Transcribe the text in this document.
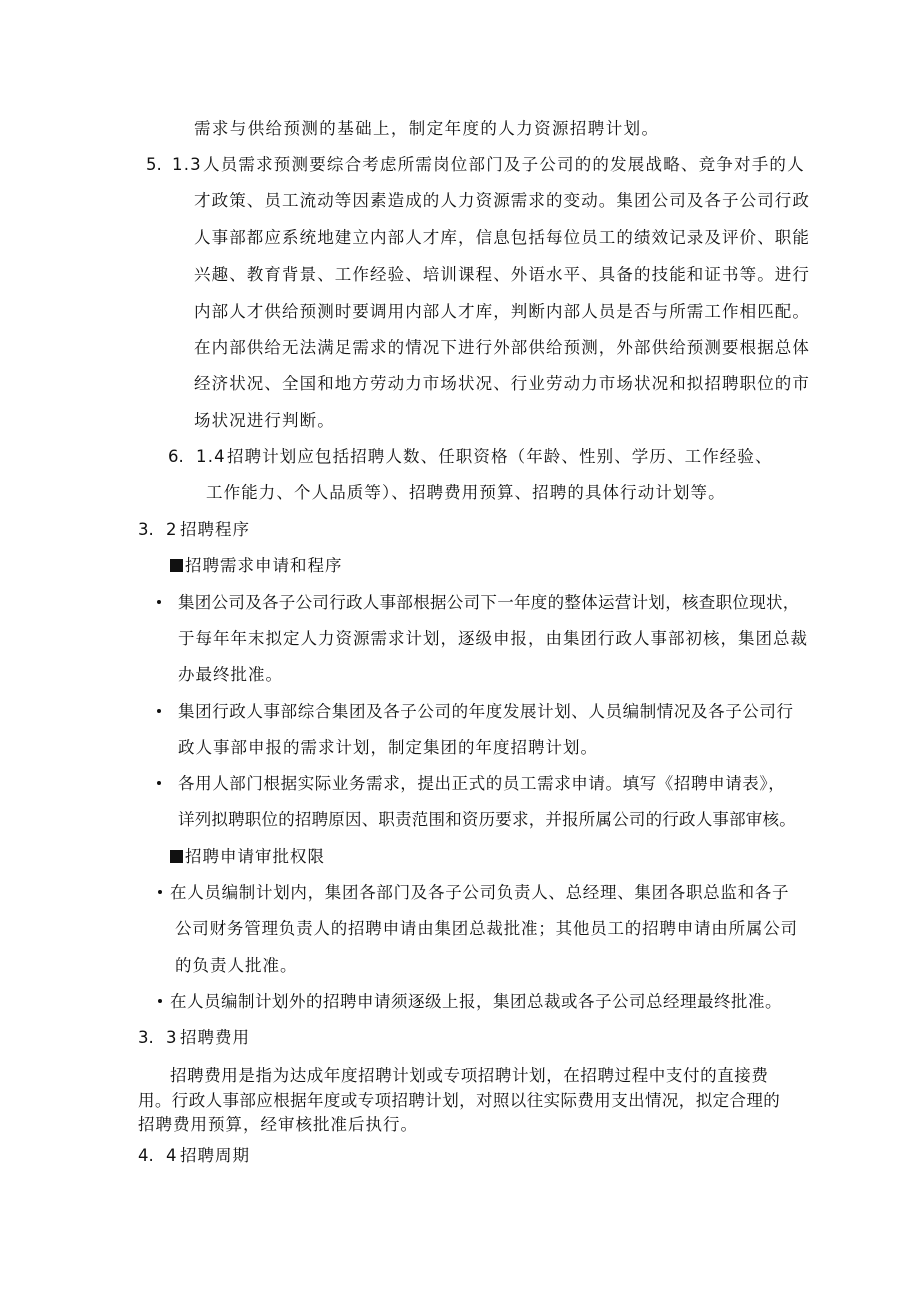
需求与供给预测的基础上，制定年度的人力资源招聘计划。
5. 1.3 人员需求预测要综合考虑所需岗位部门及子公司的的发展战略、竞争对手的人
才政策、员工流动等因素造成的人力资源需求的变动。集团公司及各子公司行政
人事部都应系统地建立内部人才库，信息包括每位员工的绩效记录及评价、职能
兴趣、教育背景、工作经验、培训课程、外语水平、具备的技能和证书等。进行
内部人才供给预测时要调用内部人才库，判断内部人员是否与所需工作相匹配。
在内部供给无法满足需求的情况下进行外部供给预测，外部供给预测要根据总体
经济状况、全国和地方劳动力市场状况、行业劳动力市场状况和拟招聘职位的市
场状况进行判断。
6. 1.4 招聘计划应包括招聘人数、任职资格（年龄、性别、学历、工作经验、
工作能力、个人品质等）、招聘费用预算、招聘的具体行动计划等。
3. 2 招聘程序
招聘需求申请和程序
集团公司及各子公司行政人事部根据公司下一年度的整体运营计划，核查职位现状，
于每年年末拟定人力资源需求计划，逐级申报，由集团行政人事部初核，集团总裁
办最终批准。
集团行政人事部综合集团及各子公司的年度发展计划、人员编制情况及各子公司行
政人事部申报的需求计划，制定集团的年度招聘计划。
各用人部门根据实际业务需求，提出正式的员工需求申请。填写《招聘申请表》，
详列拟聘职位的招聘原因、职责范围和资历要求，并报所属公司的行政人事部审核。
招聘申请审批权限
在人员编制计划内，集团各部门及各子公司负责人、总经理、集团各职总监和各子
公司财务管理负责人的招聘申请由集团总裁批准；其他员工的招聘申请由所属公司
的负责人批准。
在人员编制计划外的招聘申请须逐级上报，集团总裁或各子公司总经理最终批准。
3. 3 招聘费用
招聘费用是指为达成年度招聘计划或专项招聘计划，在招聘过程中支付的直接费
用。行政人事部应根据年度或专项招聘计划，对照以往实际费用支出情况，拟定合理的
招聘费用预算，经审核批准后执行。
4. 4 招聘周期
